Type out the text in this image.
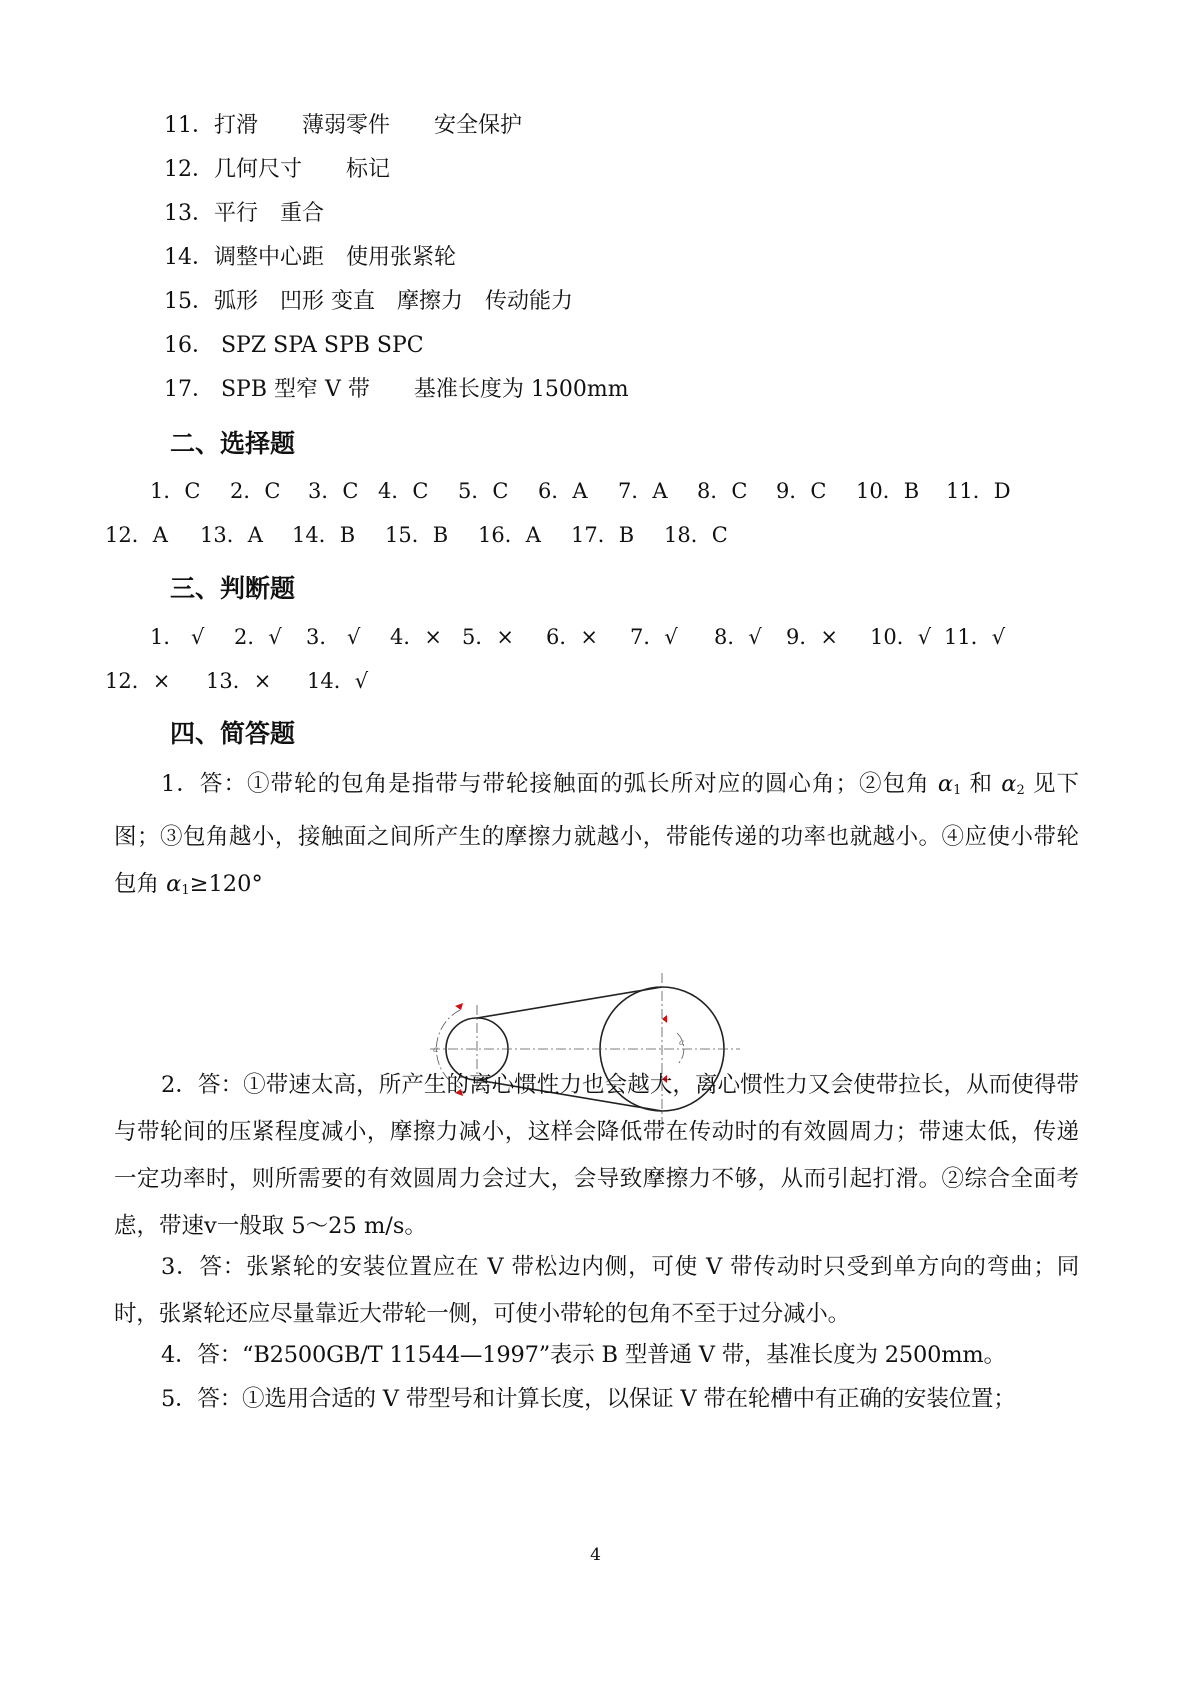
11．打滑　　薄弱零件　　安全保护
12．几何尺寸　　标记
13．平行　重合
14．调整中心距　使用张紧轮
15．弧形　凹形 变直　摩擦力　传动能力
16． SPZ SPA SPB SPC
17． SPB 型窄 V 带　　基准长度为 1500mm
二、选择题
1．C 2．C 3．C 4．C 5．C 6．A 7．A 8．C 9．C 10．B 11．D
12．A 13．A 14．B 15．B 16．A 17．B 18．C
三、判断题
1． √ 2．√ 3． √ 4．× 5．× 6．× 7．√ 8．√ 9．× 10．√ 11．√
12．× 13．× 14．√
四、简答题

1．答：①带轮的包角是指带与带轮接触面的弧长所对应的圆心角；②包角 $\alpha_1$ 和 $\alpha_2$ 见下图；③包角越小，接触面之间所产生的摩擦力就越小，带能传递的功率也就越小。④应使小带轮包角 $\alpha_1\ge 120^\circ$

α
α

2．答：①带速太高，所产生的离心惯性力也会越大，离心惯性力又会使带拉长，从而使得带与带轮间的压紧程度减小，摩擦力减小，这样会降低带在传动时的有效圆周力；带速太低，传递一定功率时，则所需要的有效圆周力会过大，会导致摩擦力不够，从而引起打滑。②综合全面考虑，带速v一般取 5～25 m/s。

3．答：张紧轮的安装位置应在 V 带松边内侧，可使 V 带传动时只受到单方向的弯曲；同时，张紧轮还应尽量靠近大带轮一侧，可使小带轮的包角不至于过分减小。

4．答：“B2500GB/T 11544—1997”表示 B 型普通 V 带，基准长度为 2500mm。

5．答：①选用合适的 V 带型号和计算长度，以保证 V 带在轮槽中有正确的安装位置；

4
